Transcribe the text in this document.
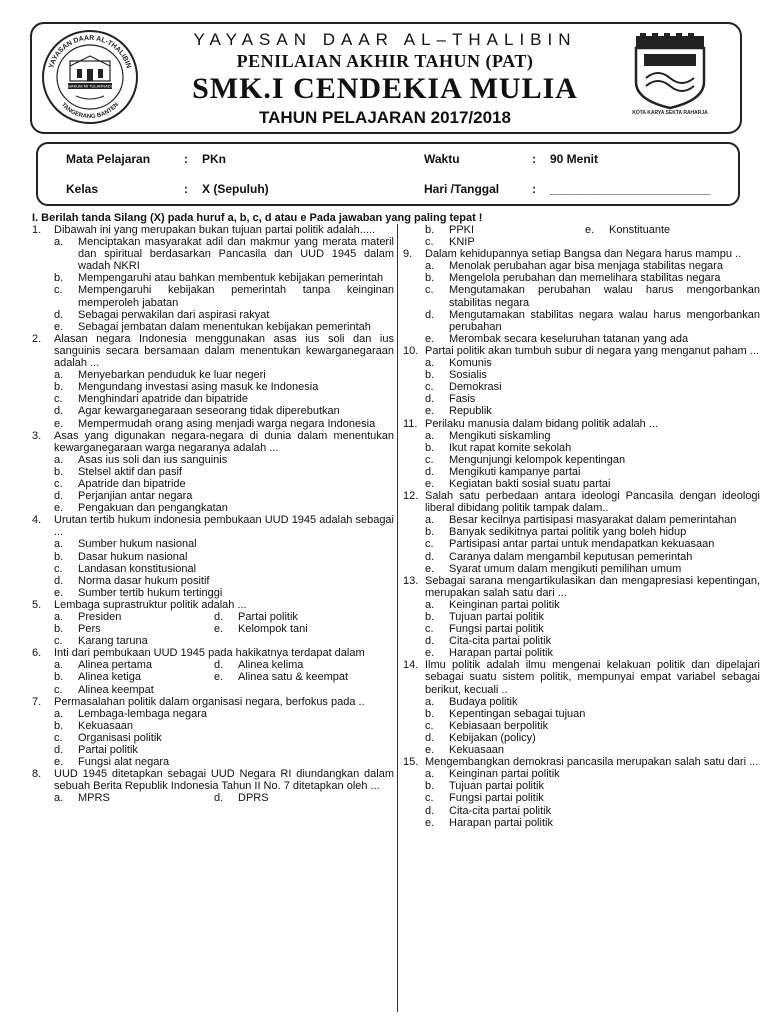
YAYASAN DAAR AL-THALIBIN
TANGERANG BANTEN
BAKUM MI TULARNADI
KOTA KARYA SEKTA RAHARJA
YAYASAN DAAR AL–THALIBIN
PENILAIAN AKHIR TAHUN (PAT)
SMK.I CENDEKIA MULIA
TAHUN PELAJARAN 2017/2018
Mata Pelajaran	: PKn
Kelas	: X (Sepuluh)
Waktu	: 90 Menit
Hari /Tanggal	: ________________________
I. Berilah tanda Silang (X) pada huruf a, b, c, d atau e Pada jawaban yang paling tepat !
1.	Dibawah ini yang merupakan bukan tujuan partai politik adalah.....
a.	Menciptakan masyarakat adil dan makmur yang merata materil dan spiritual berdasarkan Pancasila dan UUD 1945 dalam wadah NKRI
b.	Mempengaruhi atau bahkan membentuk kebijakan pemerintah
c.	Mempengaruhi kebijakan pemerintah tanpa keinginan memperoleh jabatan
d.	Sebagai perwakilan dari aspirasi rakyat
e.	Sebagai jembatan dalam menentukan kebijakan pemerintah
2.	Alasan negara Indonesia menggunakan asas ius soli dan ius sanguinis secara bersamaan dalam menentukan kewarganegaraan adalah ...
a.	Menyebarkan penduduk ke luar negeri
b.	Mengundang investasi asing masuk ke Indonesia
c.	Menghindari apatride dan bipatride
d.	Agar kewarganegaraan seseorang tidak diperebutkan
e.	Mempermudah orang asing menjadi warga negara Indonesia
3.	Asas yang digunakan negara-negara di dunia dalam menentukan kewarganegaraan warga negaranya adalah ...
a.	Asas ius soli dan ius sanguinis
b.	Stelsel aktif dan pasif
c.	Apatride dan bipatride
d.	Perjanjian antar negara
e.	Pengakuan dan pengangkatan
4.	Urutan tertib hukum indonesia pembukaan UUD 1945 adalah sebagai ...
a.	Sumber hukum nasional
b.	Dasar hukum nasional
c.	Landasan konstitusional
d.	Norma dasar hukum positif
e.	Sumber tertib hukum tertinggi
5.	Lembaga suprastruktur politik adalah ...
a.	Presiden	d.	Partai politik
b.	Pers	e.	Kelompok tani
c.	Karang taruna
6.	Inti dari pembukaan UUD 1945 pada hakikatnya terdapat dalam
a.	Alinea pertama	d.	Alinea kelima
b.	Alinea ketiga	e.	Alinea satu & keempat
c.	Alinea keempat
7.	Permasalahan politik dalam organisasi negara, berfokus pada ..
a.	Lembaga-lembaga negara
b.	Kekuasaan
c.	Organisasi politik
d.	Partai politik
e.	Fungsi alat negara
8.	UUD 1945 ditetapkan sebagai UUD Negara RI diundangkan dalam sebuah Berita Republik Indonesia Tahun II No. 7 ditetapkan oleh ...
a.	MPRS	d.	DPRS
b.	PPKI	e.	Konstituante
c.	KNIP
9.	Dalam kehidupannya setiap Bangsa dan Negara harus mampu ..
a.	Menolak perubahan agar bisa menjaga stabilitas negara
b.	Mengelola perubahan dan memelihara stabilitas negara
c.	Mengutamakan perubahan walau harus mengorbankan stabilitas negara
d.	Mengutamakan stabilitas negara walau harus mengorbankan perubahan
e.	Merombak secara keseluruhan tatanan yang ada
10. Partai politik akan tumbuh subur di negara yang menganut paham ...
a.	Komunis
b.	Sosialis
c.	Demokrasi
d.	Fasis
e.	Republik
11. Perilaku manusia dalam bidang politik adalah ...
a.	Mengikuti siskamling
b.	Ikut rapat komite sekolah
c.	Mengunjungi kelompok kepentingan
d.	Mengikuti kampanye partai
e.	Kegiatan bakti sosial suatu partai
12. Salah satu perbedaan antara ideologi Pancasila dengan ideologi liberal dibidang politik tampak dalam..
a.	Besar kecilnya partisipasi masyarakat dalam pemerintahan
b.	Banyak sedikitnya partai politik yang boleh hidup
c.	Partisipasi antar partai untuk mendapatkan kekuasaan
d.	Caranya dalam mengambil keputusan pemerintah
e.	Syarat umum dalam mengikuti pemilihan umum
13. Sebagai sarana mengartikulasikan dan mengapresiasi kepentingan, merupakan salah satu dari ...
a.	Keinginan partai politik
b.	Tujuan partai politik
c.	Fungsi partai politik
d.	Cita-cita partai politik
e.	Harapan partai politik
14. Ilmu politik adalah ilmu mengenai kelakuan politik dan dipelajari sebagai suatu sistem politik, mempunyai empat variabel sebagai berikut, kecuali ..
a.	Budaya politik
b.	Kepentingan sebagai tujuan
c.	Kebiasaan berpolitik
d.	Kebijakan (policy)
e.	Kekuasaan
15. Mengembangkan demokrasi pancasila merupakan salah satu dari ...
a.	Keinginan partai politik
b.	Tujuan partai politik
c.	Fungsi partai politik
d.	Cita-cita partai politik
e.	Harapan partai politik
